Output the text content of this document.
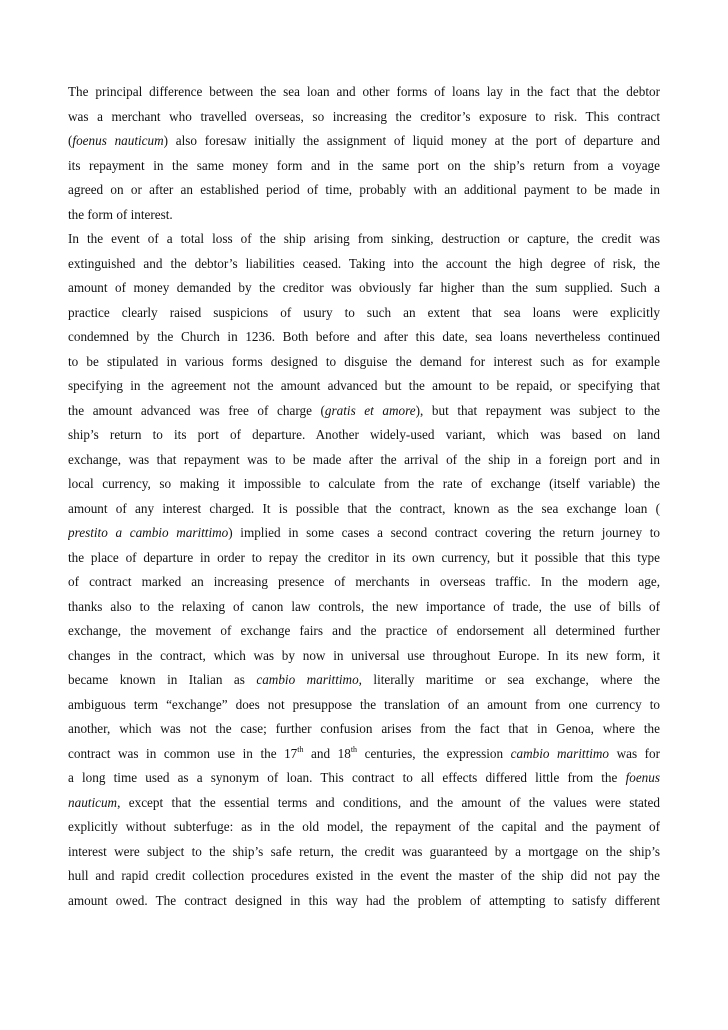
The principal difference between the sea loan and other forms of loans lay in the fact that the debtor
was a merchant who travelled overseas, so increasing the creditor’s exposure to risk. This contract
(foenus nauticum) also foresaw initially the assignment of liquid money at the port of departure and
its repayment in the same money form and in the same port on the ship’s return from a voyage
agreed on or after an established period of time, probably with an additional payment to be made in
the form of interest.
In the event of a total loss of the ship arising from sinking, destruction or capture, the credit was
extinguished and the debtor’s liabilities ceased. Taking into the account the high degree of risk, the
amount of money demanded by the creditor was obviously far higher than the sum supplied. Such a
practice clearly raised suspicions of usury to such an extent that sea loans were explicitly
condemned by the Church in 1236. Both before and after this date, sea loans nevertheless continued
to be stipulated in various forms designed to disguise the demand for interest such as for example
specifying in the agreement not the amount advanced but the amount to be repaid, or specifying that
the amount advanced was free of charge (gratis et amore), but that repayment was subject to the
ship’s return to its port of departure. Another widely-used variant, which was based on land
exchange, was that repayment was to be made after the arrival of the ship in a foreign port and in
local currency, so making it impossible to calculate from the rate of exchange (itself variable) the
amount of any interest charged. It is possible that the contract, known as the sea exchange loan (
prestito a cambio marittimo) implied in some cases a second contract covering the return journey to
the place of departure in order to repay the creditor in its own currency, but it possible that this type
of contract marked an increasing presence of merchants in overseas traffic. In the modern age,
thanks also to the relaxing of canon law controls, the new importance of trade, the use of bills of
exchange, the movement of exchange fairs and the practice of endorsement all determined further
changes in the contract, which was by now in universal use throughout Europe. In its new form, it
became known in Italian as cambio marittimo, literally maritime or sea exchange, where the
ambiguous term “exchange” does not presuppose the translation of an amount from one currency to
another, which was not the case; further confusion arises from the fact that in Genoa, where the
contract was in common use in the 17th and 18th centuries, the expression cambio marittimo was for
a long time used as a synonym of loan. This contract to all effects differed little from the foenus
nauticum, except that the essential terms and conditions, and the amount of the values were stated
explicitly without subterfuge: as in the old model, the repayment of the capital and the payment of
interest were subject to the ship’s safe return, the credit was guaranteed by a mortgage on the ship’s
hull and rapid credit collection procedures existed in the event the master of the ship did not pay the
amount owed. The contract designed in this way had the problem of attempting to satisfy different
